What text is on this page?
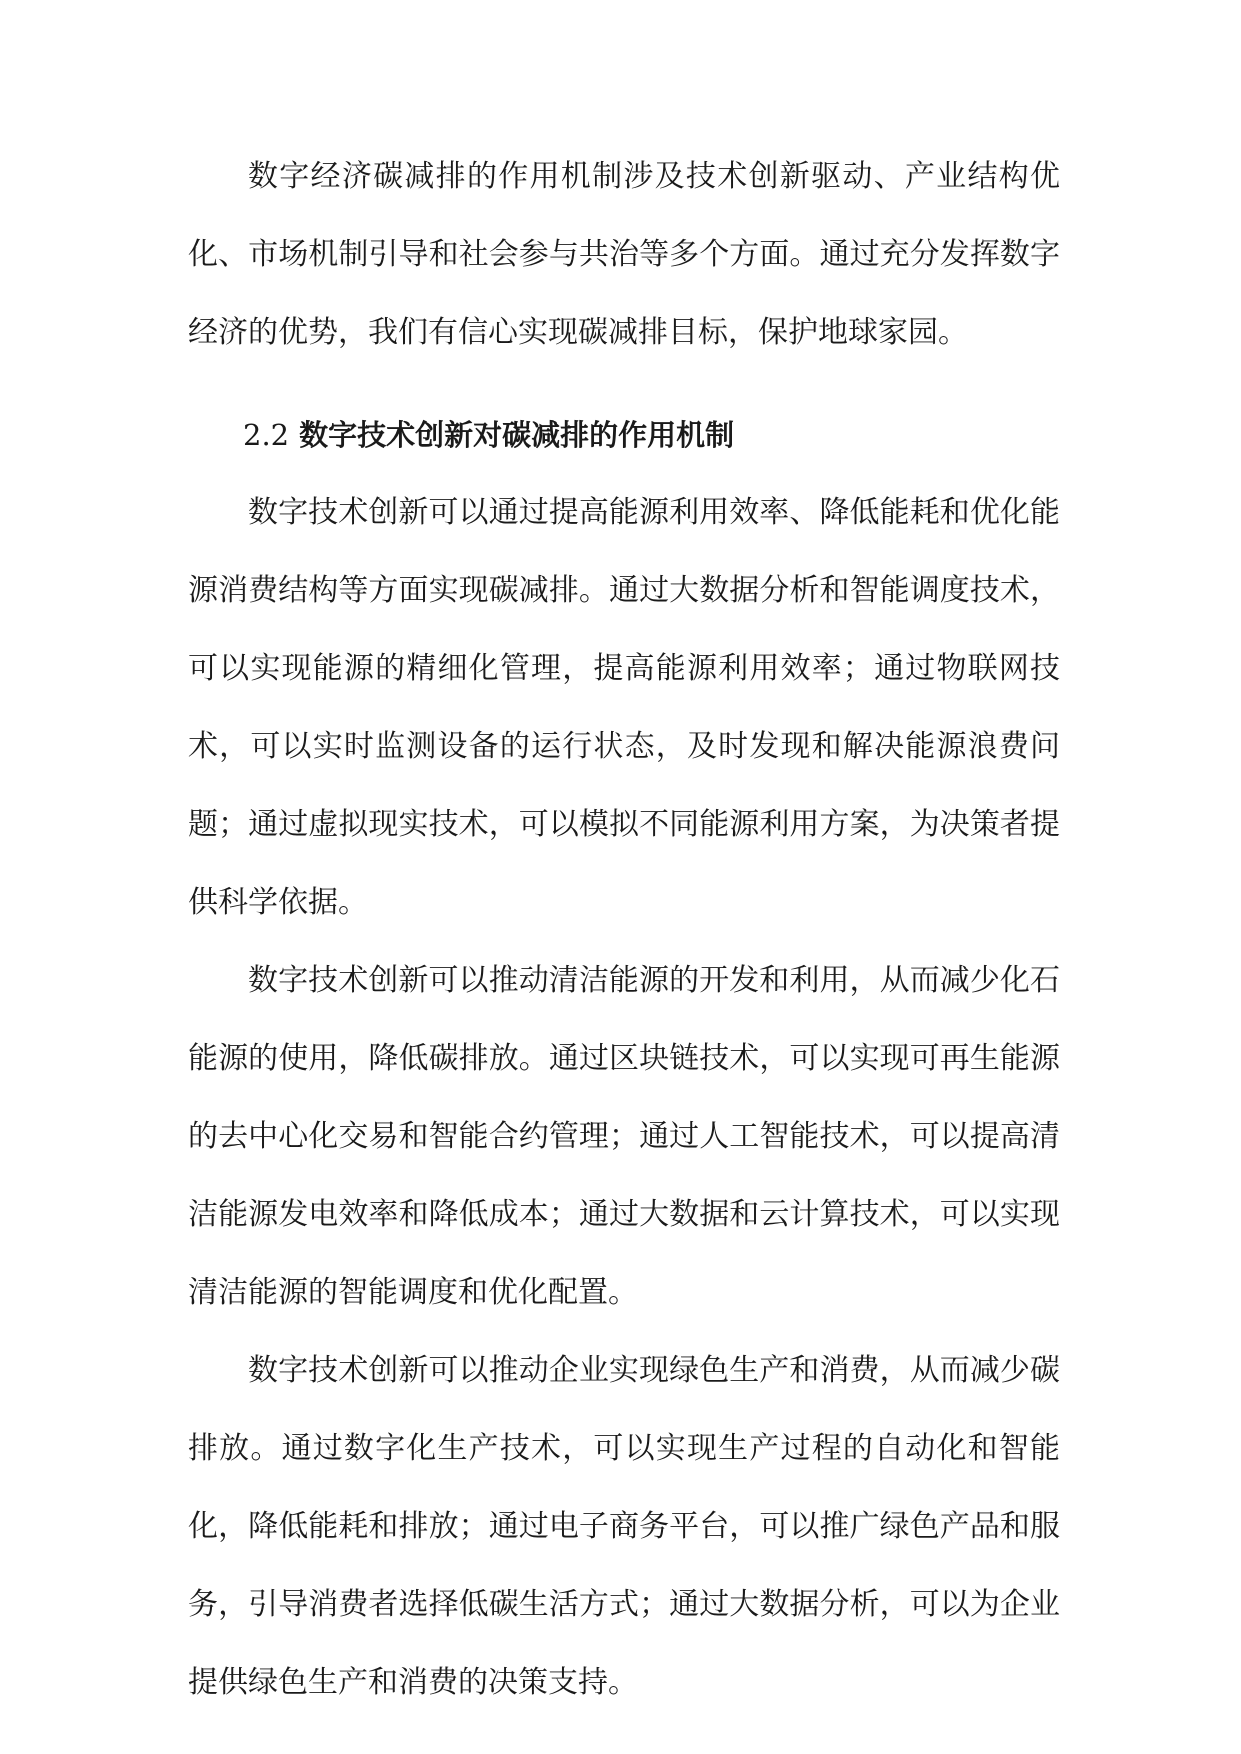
数字经济碳减排的作用机制涉及技术创新驱动、产业结构优化、市场机制引导和社会参与共治等多个方面。通过充分发挥数字经济的优势，我们有信心实现碳减排目标，保护地球家园。

2.2 数字技术创新对碳减排的作用机制

数字技术创新可以通过提高能源利用效率、降低能耗和优化能源消费结构等方面实现碳减排。通过大数据分析和智能调度技术，可以实现能源的精细化管理，提高能源利用效率；通过物联网技术，可以实时监测设备的运行状态，及时发现和解决能源浪费问题；通过虚拟现实技术，可以模拟不同能源利用方案，为决策者提供科学依据。

数字技术创新可以推动清洁能源的开发和利用，从而减少化石能源的使用，降低碳排放。通过区块链技术，可以实现可再生能源的去中心化交易和智能合约管理；通过人工智能技术，可以提高清洁能源发电效率和降低成本；通过大数据和云计算技术，可以实现清洁能源的智能调度和优化配置。

数字技术创新可以推动企业实现绿色生产和消费，从而减少碳排放。通过数字化生产技术，可以实现生产过程的自动化和智能化，降低能耗和排放；通过电子商务平台，可以推广绿色产品和服务，引导消费者选择低碳生活方式；通过大数据分析，可以为企业提供绿色生产和消费的决策支持。
